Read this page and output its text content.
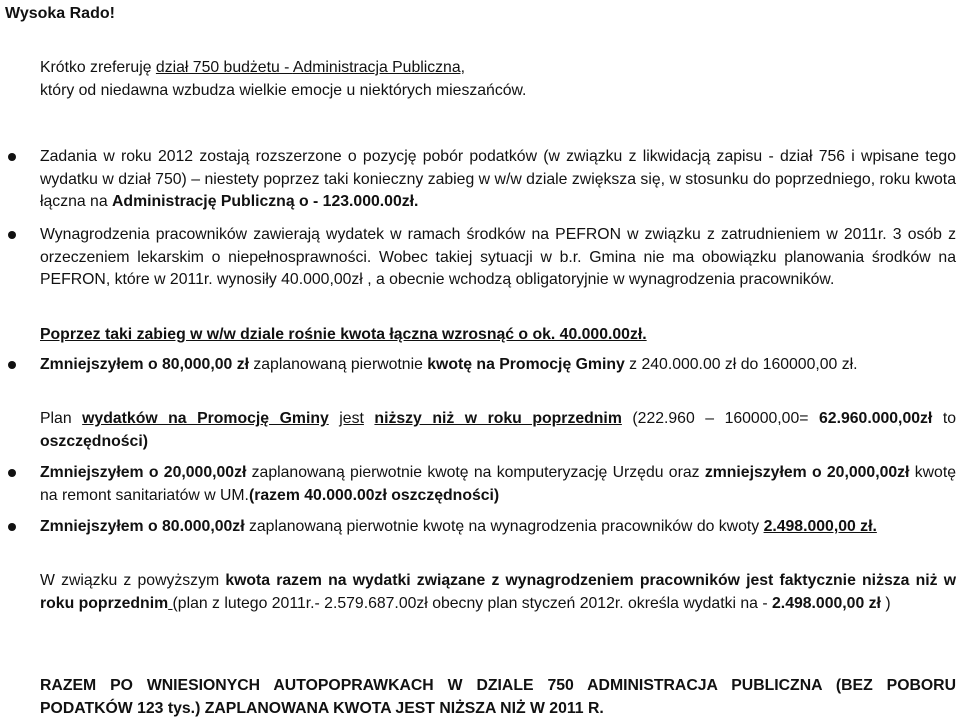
Wysoka Rado!
Krótko zreferuję dział 750 budżetu - Administracja Publiczna,
który od niedawna wzbudza wielkie emocje u niektórych mieszańców.
Zadania w roku 2012 zostają rozszerzone o pozycję pobór podatków (w związku z likwidacją zapisu - dział 756 i wpisane tego wydatku w dział 750) – niestety poprzez taki konieczny zabieg w w/w dziale zwiększa się, w stosunku do poprzedniego, roku kwota łączna na Administrację Publiczną o - 123.000.00zł.
Wynagrodzenia pracowników zawierają wydatek w ramach środków na PEFRON w związku z zatrudnieniem w 2011r. 3 osób z orzeczeniem lekarskim o niepełnosprawności. Wobec takiej sytuacji w b.r. Gmina nie ma obowiązku planowania środków na PEFRON, które w 2011r. wynosiły 40.000,00zł , a obecnie wchodzą obligatoryjnie w wynagrodzenia pracowników.
Poprzez taki zabieg w w/w dziale rośnie kwota łączna wzrosnąć o ok. 40.000.00zł.
Zmniejszyłem o 80,000,00 zł zaplanowaną pierwotnie kwotę na Promocję Gminy z 240.000.00 zł do 160000,00 zł.
Plan wydatków na Promocję Gminy jest niższy niż w roku poprzednim (222.960 – 160000,00= 62.960.000,00zł to oszczędności)
Zmniejszyłem o 20,000,00zł zaplanowaną pierwotnie kwotę na komputeryzację Urzędu oraz zmniejszyłem o 20,000,00zł kwotę na remont sanitariatów w UM.(razem 40.000.00zł oszczędności)
Zmniejszyłem o 80.000,00zł zaplanowaną pierwotnie kwotę na wynagrodzenia pracowników do kwoty 2.498.000,00 zł.
W związku z powyższym kwota razem na wydatki związane z wynagrodzeniem pracowników jest faktycznie niższa niż w roku poprzednim (plan z lutego 2011r.- 2.579.687.00zł obecny plan styczeń 2012r. określa wydatki na - 2.498.000,00 zł )
RAZEM PO WNIESIONYCH AUTOPOPRAWKACH W DZIALE 750 ADMINISTRACJA PUBLICZNA (BEZ POBORU PODATKÓW 123 tys.) ZAPLANOWANA KWOTA JEST NIŻSZA NIŻ W 2011 R.
